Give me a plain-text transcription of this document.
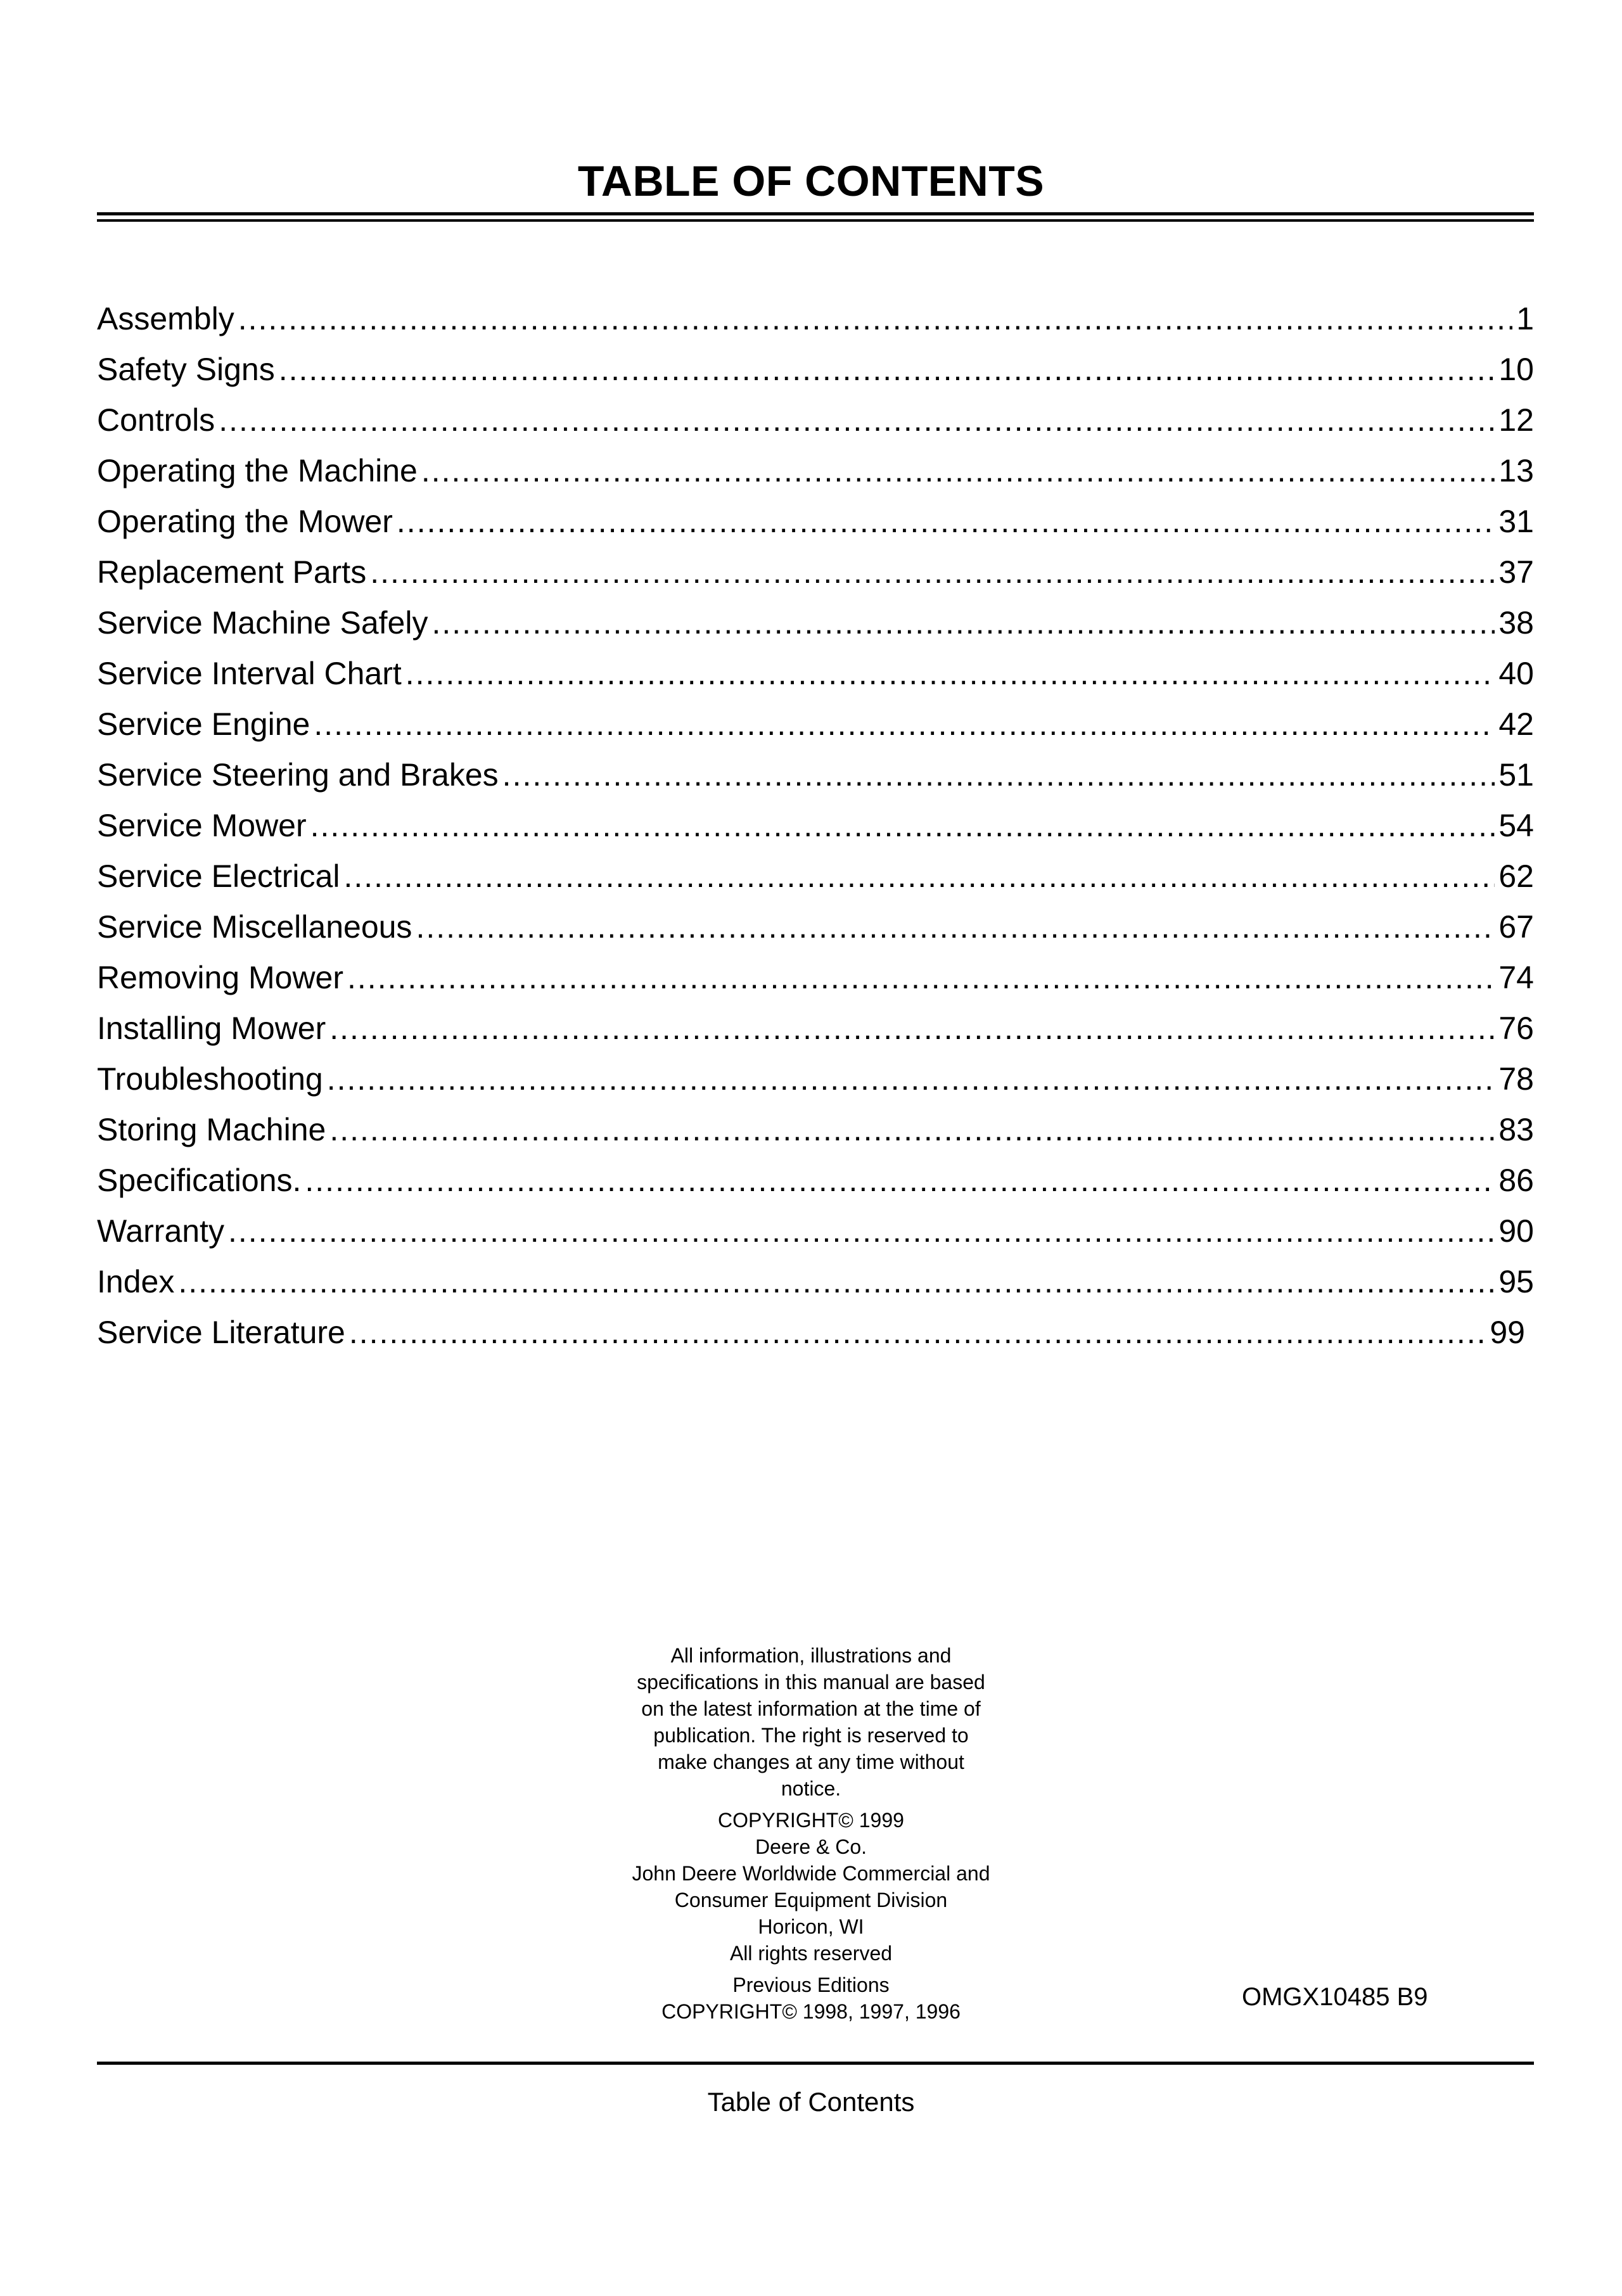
TABLE OF CONTENTS
Assembly .....	1
Safety Signs .....	10
Controls .....	12
Operating the Machine .....	13
Operating the Mower .....	31
Replacement Parts .....	37
Service Machine Safely .....	38
Service Interval Chart .....	40
Service Engine .....	42
Service Steering and Brakes .....	51
Service Mower .....	54
Service Electrical .....	62
Service Miscellaneous .....	67
Removing Mower .....	74
Installing Mower .....	76
Troubleshooting .....	78
Storing Machine .....	83
Specifications. .....	86
Warranty .....	90
Index .....	95
Service Literature .....	99

All information, illustrations and

specifications in this manual are based

on the latest information at the time of

publication. The right is reserved to

make changes at any time without

notice.

COPYRIGHT© 1999

Deere & Co.

John Deere Worldwide Commercial and

Consumer Equipment Division

Horicon, WI

All rights reserved

Previous Editions

COPYRIGHT© 1998, 1997, 1996

OMGX10485 B9
Table of Contents
